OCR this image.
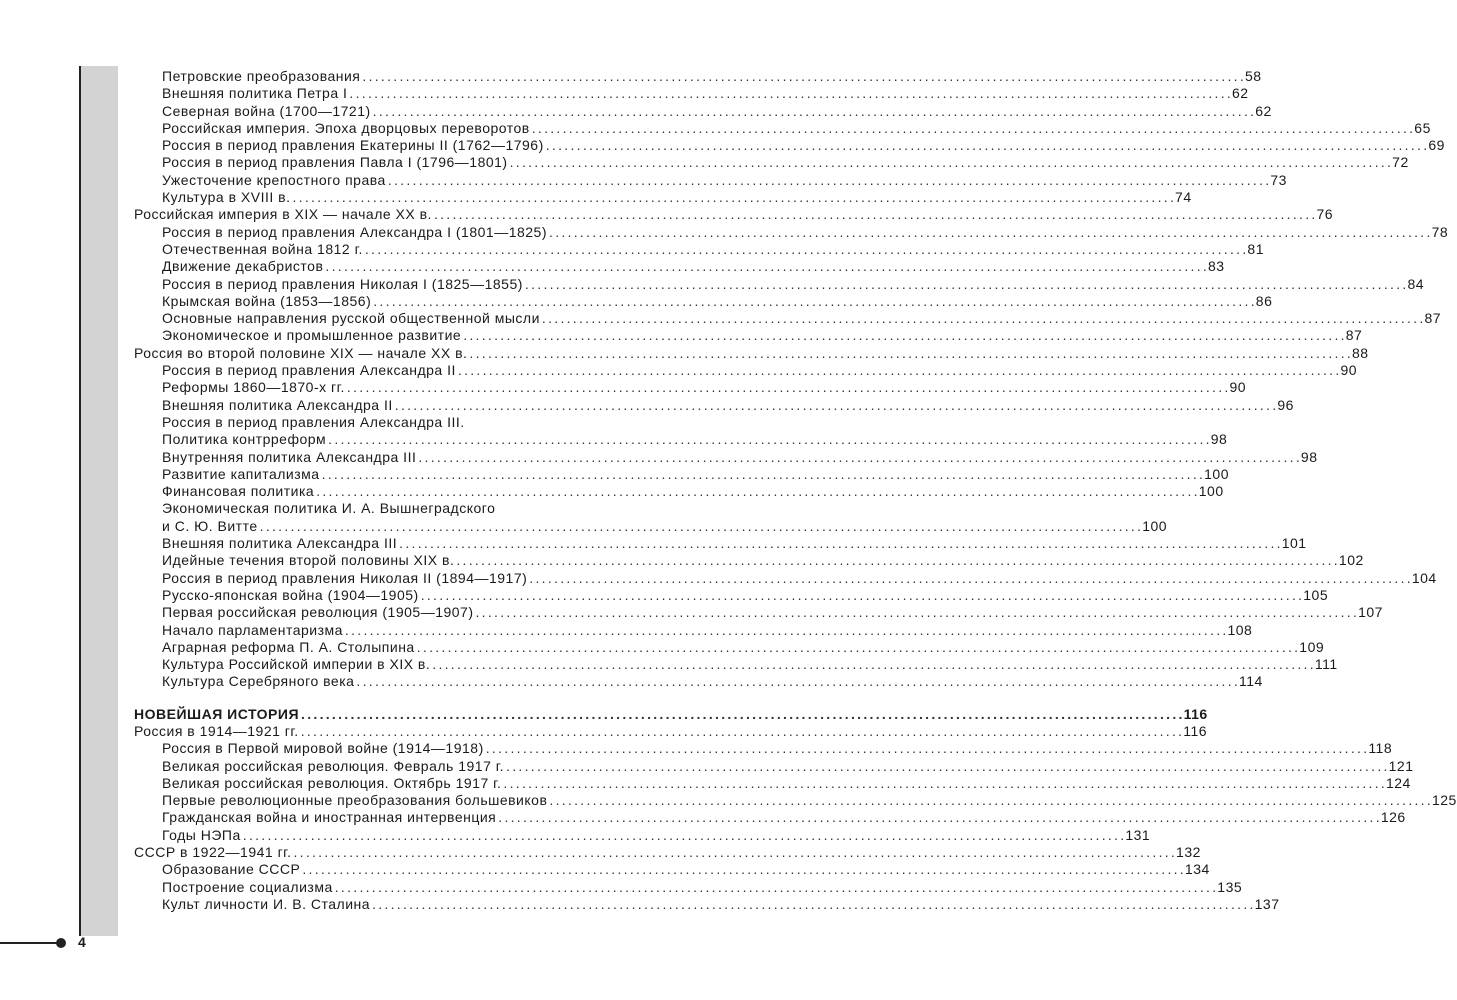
Петровские преобразования . . .	58
Внешняя политика Петра I . . .	62
Северная война (1700—1721) . . .	62
Российская империя. Эпоха дворцовых переворотов . . .	65
Россия в период правления Екатерины II (1762—1796) . . .	69
Россия в период правления Павла I (1796—1801) . . .	72
Ужесточение крепостного права . . .	73
Культура в XVIII в. . . .	74
Российская империя в XIX — начале XX в. . . .	76
Россия в период правления Александра I (1801—1825) . . .	78
Отечественная война 1812 г. . . .	81
Движение декабристов . . .	83
Россия в период правления Николая I (1825—1855) . . .	84
Крымская война (1853—1856) . . .	86
Основные направления русской общественной мысли . . .	87
Экономическое и промышленное развитие . . .	87
Россия во второй половине XIX — начале XX в. . . .	88
Россия в период правления Александра II . . .	90
Реформы 1860—1870-х гг. . . .	90
Внешняя политика Александра II . . .	96
Россия в период правления Александра III.
Политика контрреформ . . .	98
Внутренняя политика Александра III . . .	98
Развитие капитализма . . .	100
Финансовая политика . . .	100
Экономическая политика И. А. Вышнеградского
и С. Ю. Витте . . .	100
Внешняя политика Александра III . . .	101
Идейные течения второй половины XIX в. . . .	102
Россия в период правления Николая II (1894—1917) . . .	104
Русско-японская война (1904—1905) . . .	105
Первая российская революция (1905—1907) . . .	107
Начало парламентаризма . . .	108
Аграрная реформа П. А. Столыпина . . .	109
Культура Российской империи в XIX в. . . .	111
Культура Серебряного века . . .	114
НОВЕЙШАЯ ИСТОРИЯ . . .	116
Россия в 1914—1921 гг. . . .	116
Россия в Первой мировой войне (1914—1918) . . .	118
Великая российская революция. Февраль 1917 г. . . .	121
Великая российская революция. Октябрь 1917 г. . . .	124
Первые революционные преобразования большевиков . . .	125
Гражданская война и иностранная интервенция . . .	126
Годы НЭПа . . .	131
СССР в 1922—1941 гг. . . .	132
Образование СССР . . .	134
Построение социализма . . .	135
Культ личности И. В. Сталина . . .	137
4
